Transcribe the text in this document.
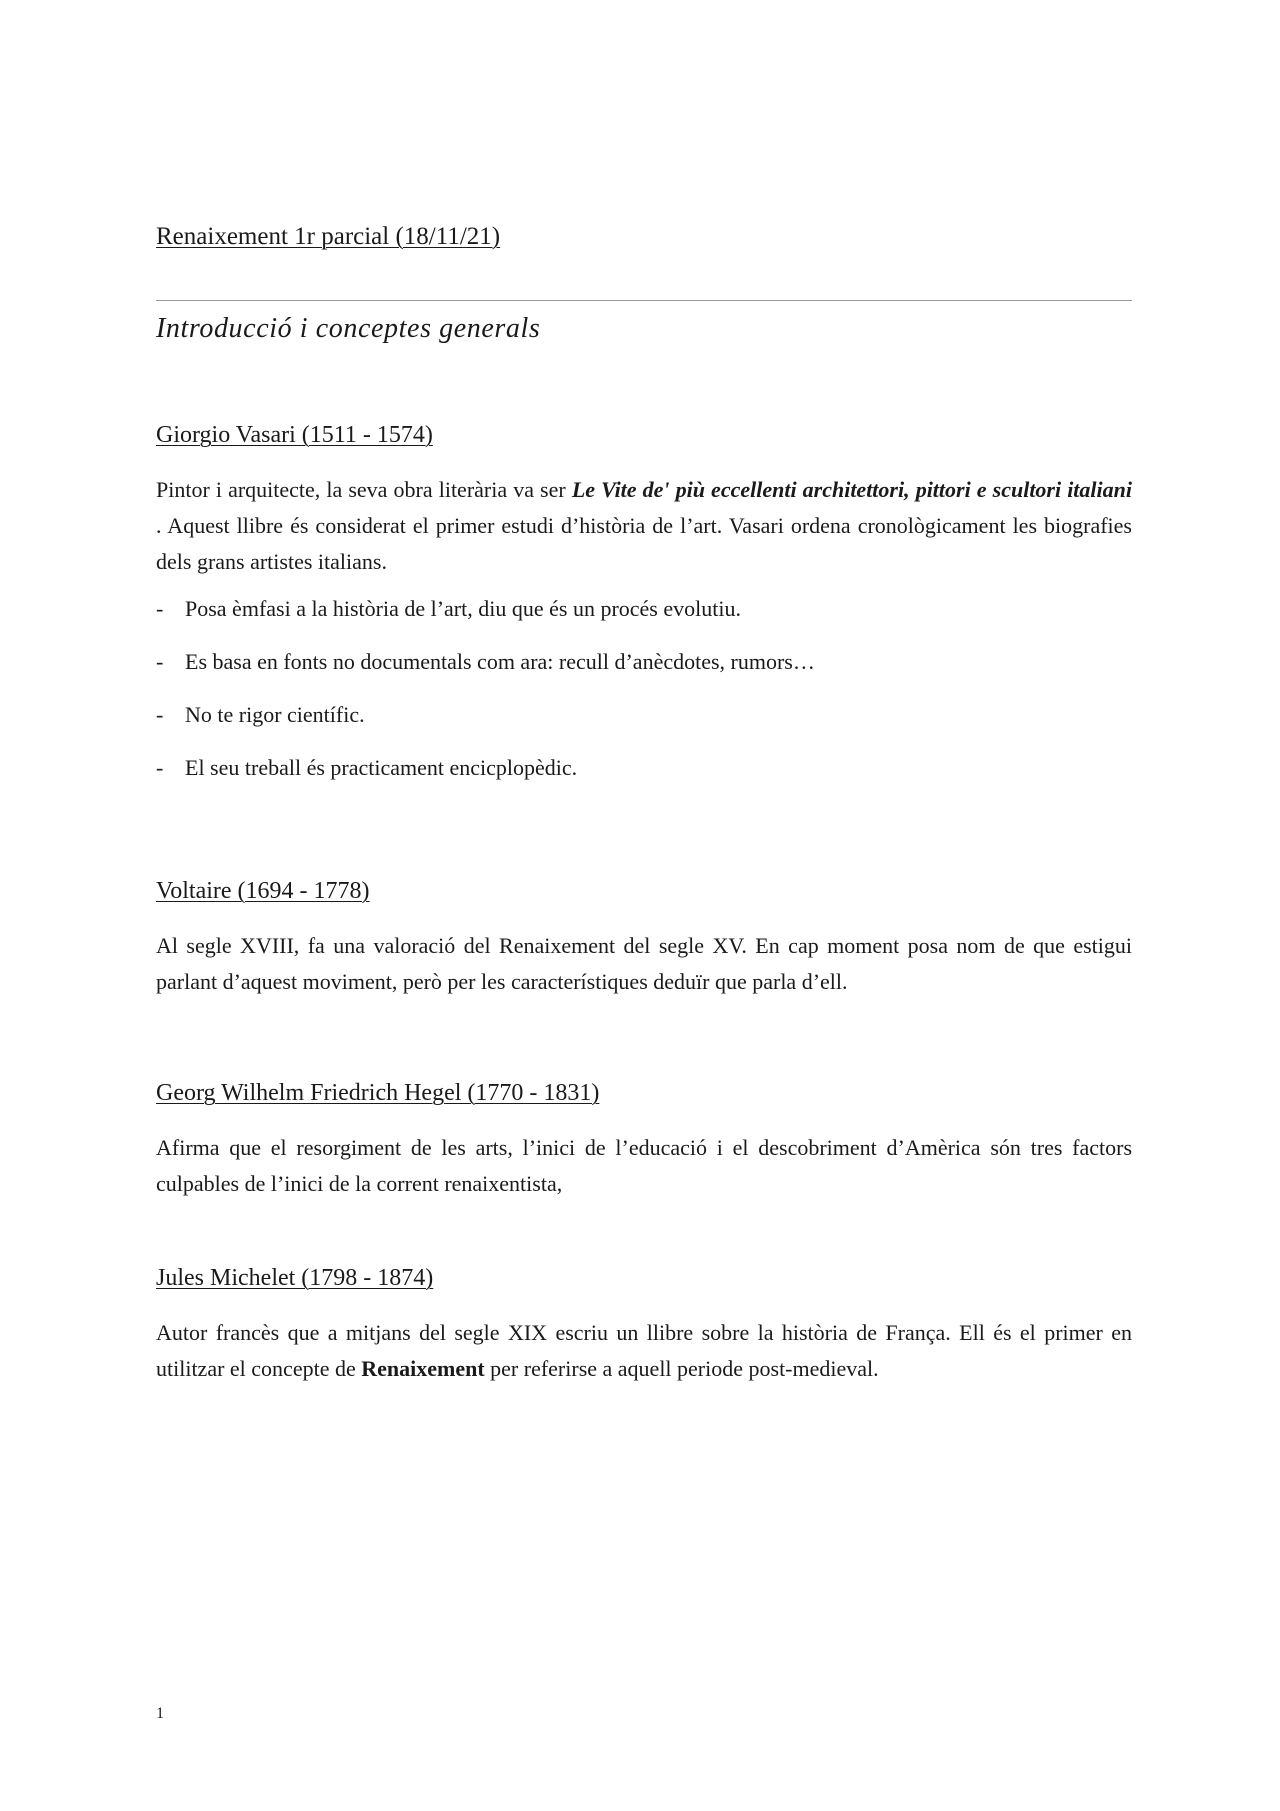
Renaixement 1r parcial (18/11/21)
Introducció i conceptes generals
Giorgio Vasari (1511 - 1574)

Pintor i arquitecte, la seva obra literària va ser Le Vite de' più eccellenti architettori, pittori e scultori italiani . Aquest llibre és considerat el primer estudi d’història de l’art. Vasari ordena cronològicament les biografies dels grans artistes italians.

- Posa èmfasi a la història de l’art, diu que és un procés evolutiu.
- Es basa en fonts no documentals com ara: recull d’anècdotes, rumors…
- No te rigor científic.
- El seu treball és practicament encicplopèdic.
Voltaire (1694 - 1778)

Al segle XVIII, fa una valoració del Renaixement del segle XV. En cap moment posa nom de que estigui parlant d’aquest moviment, però per les característiques deduïr que parla d’ell.

Georg Wilhelm Friedrich Hegel (1770 - 1831)

Afirma que el resorgiment de les arts, l’inici de l’educació i el descobriment d’Amèrica són tres factors culpables de l’inici de la corrent renaixentista,

Jules Michelet (1798 - 1874)

Autor francès que a mitjans del segle XIX escriu un llibre sobre la història de França. Ell és el primer en utilitzar el concepte de Renaixement per referirse a aquell periode post-medieval.

1
